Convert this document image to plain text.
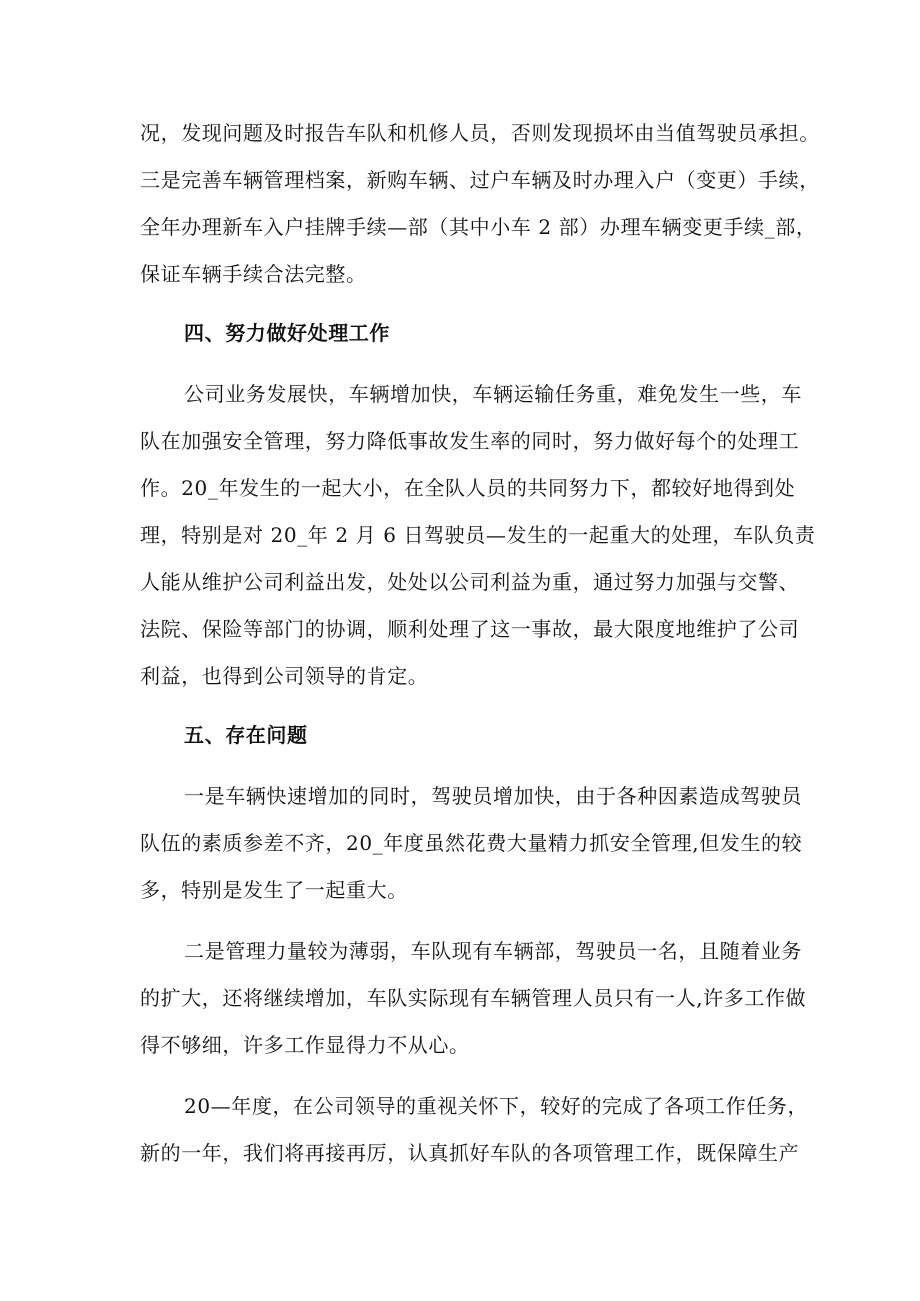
况，发现问题及时报告车队和机修人员，否则发现损坏由当值驾驶员承担。
三是完善车辆管理档案，新购车辆、过户车辆及时办理入户（变更）手续，
全年办理新车入户挂牌手续—部（其中小车 2 部）办理车辆变更手续_部，
保证车辆手续合法完整。
四、努力做好处理工作
公司业务发展快，车辆增加快，车辆运输任务重，难免发生一些，车
队在加强安全管理，努力降低事故发生率的同时，努力做好每个的处理工
作。20_年发生的一起大小，在全队人员的共同努力下，都较好地得到处
理，特别是对 20_年 2 月 6 日驾驶员—发生的一起重大的处理，车队负责
人能从维护公司利益出发，处处以公司利益为重，通过努力加强与交警、
法院、保险等部门的协调，顺利处理了这一事故，最大限度地维护了公司
利益，也得到公司领导的肯定。
五、存在问题
一是车辆快速增加的同时，驾驶员增加快，由于各种因素造成驾驶员
队伍的素质参差不齐，20_年度虽然花费大量精力抓安全管理,但发生的较
多，特别是发生了一起重大。
二是管理力量较为薄弱，车队现有车辆部，驾驶员一名，且随着业务
的扩大，还将继续增加，车队实际现有车辆管理人员只有一人,许多工作做
得不够细，许多工作显得力不从心。
20—年度，在公司领导的重视关怀下，较好的完成了各项工作任务，
新的一年，我们将再接再厉，认真抓好车队的各项管理工作，既保障生产
